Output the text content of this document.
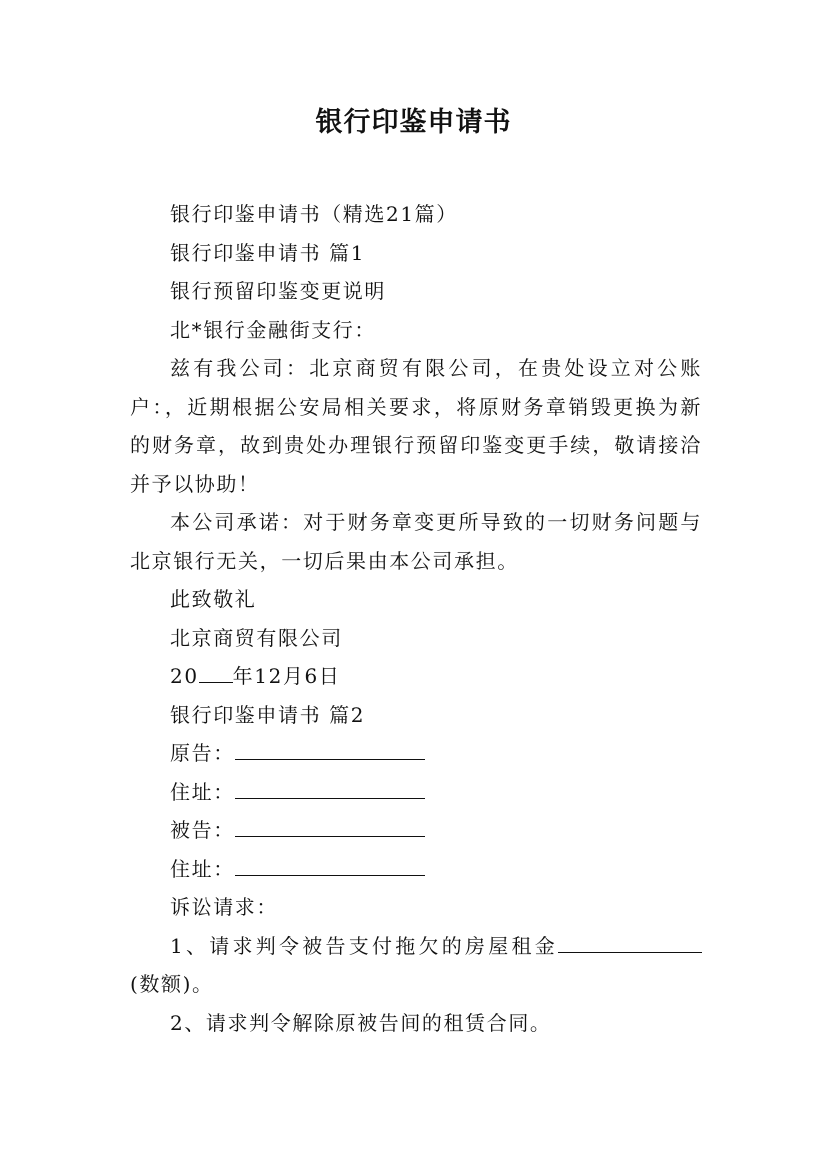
银行印鉴申请书

银行印鉴申请书（精选21篇）

银行印鉴申请书 篇1

银行预留印鉴变更说明

北*银行金融街支行：

兹有我公司：北京商贸有限公司，在贵处设立对公账户：，近期根据公安局相关要求，将原财务章销毁更换为新的财务章，故到贵处办理银行预留印鉴变更手续，敬请接洽并予以协助！

本公司承诺：对于财务章变更所导致的一切财务问题与北京银行无关，一切后果由本公司承担。

此致敬礼

北京商贸有限公司

20 年12月6日

银行印鉴申请书 篇2

原告：

住址：

被告：

住址：

诉讼请求：

1、请求判令被告支付拖欠的房屋租金(数额)。

2、请求判令解除原被告间的租赁合同。
